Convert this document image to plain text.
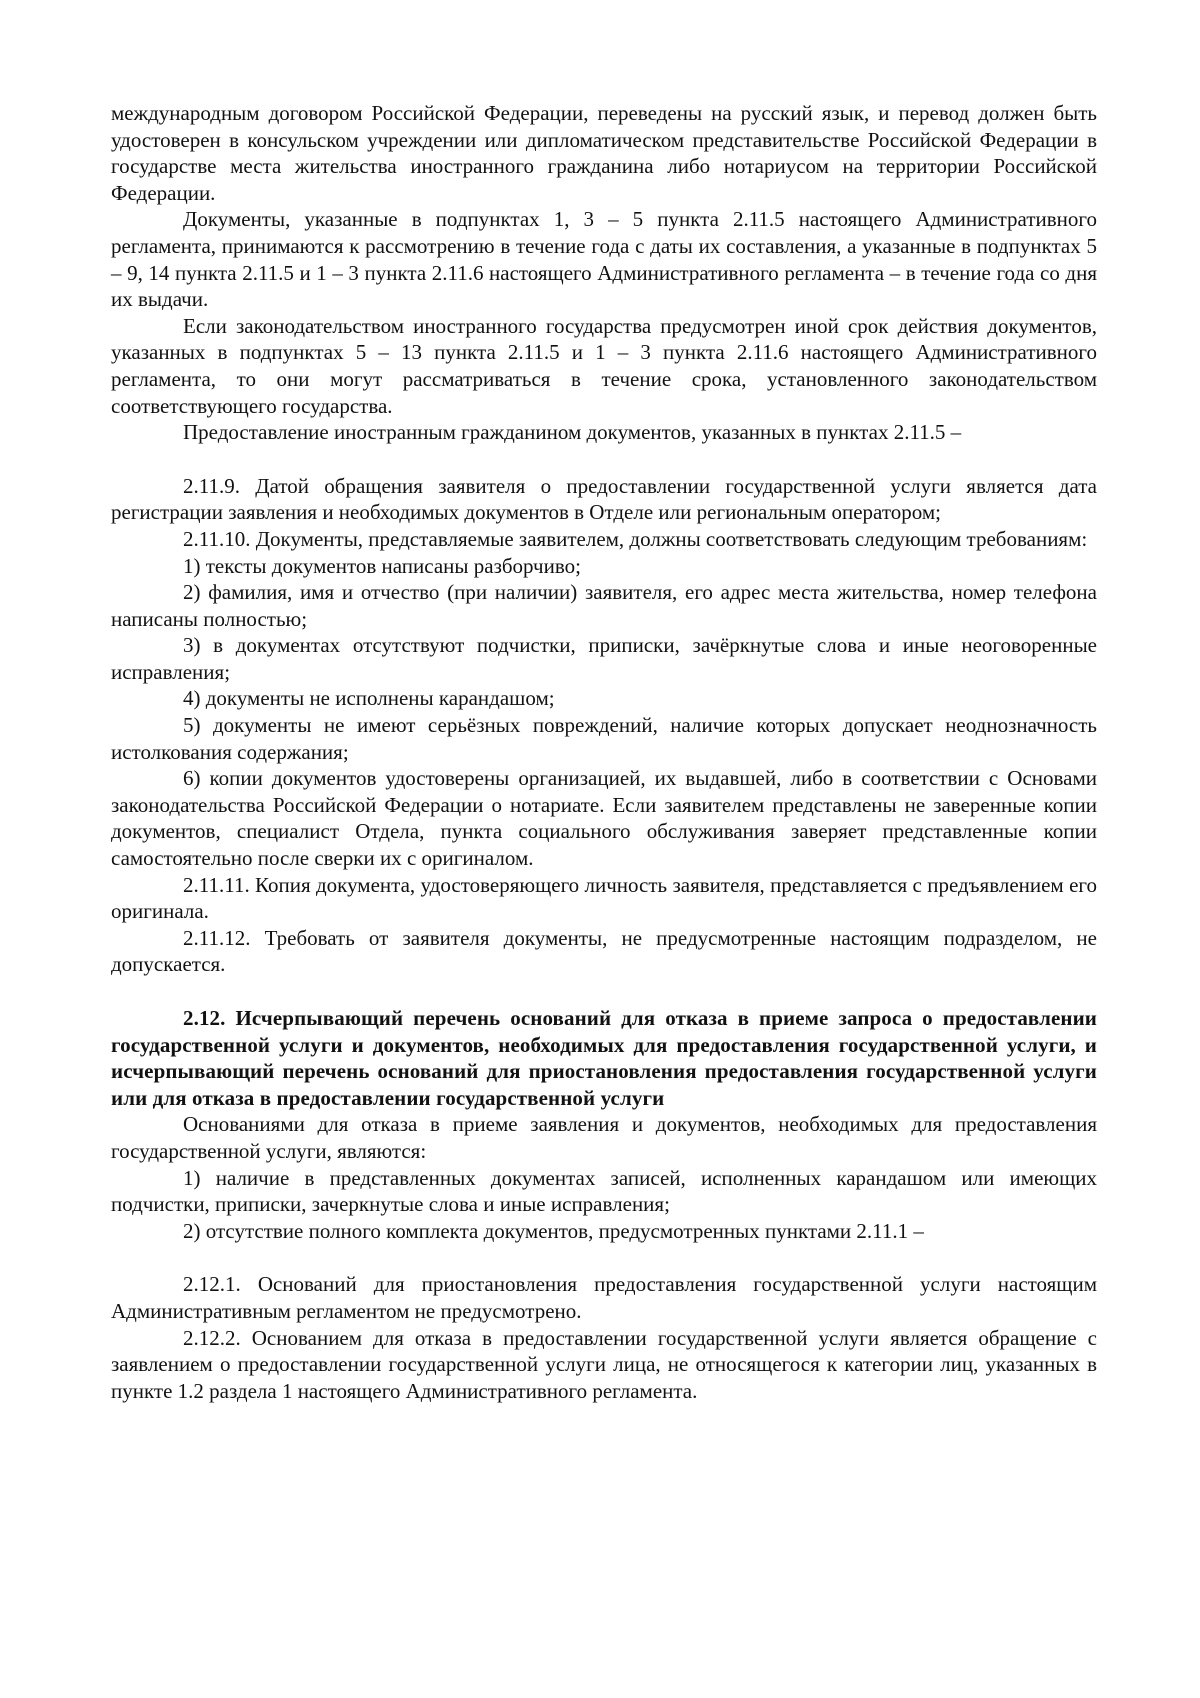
международным договором Российской Федерации, переведены на русский язык, и перевод должен быть удостоверен в консульском учреждении или дипломатическом представительстве Российской Федерации в государстве места жительства иностранного гражданина либо нотариусом на территории Российской Федерации.

Документы, указанные в подпунктах 1, 3 – 5 пункта 2.11.5 настоящего Административного регламента, принимаются к рассмотрению в течение года с даты их составления, а указанные в подпунктах 5 – 9, 14 пункта 2.11.5 и 1 – 3 пункта 2.11.6 настоящего Административного регламента – в течение года со дня их выдачи.

Если законодательством иностранного государства предусмотрен иной срок действия документов, указанных в подпунктах 5 – 13 пункта 2.11.5 и 1 – 3 пункта 2.11.6 настоящего Административного регламента, то они могут рассматриваться в течение срока, установленного законодательством соответствующего государства.

Предоставление иностранным гражданином документов, указанных в пунктах 2.11.5 –

2.11.9. Датой обращения заявителя о предоставлении государственной услуги является дата регистрации заявления и необходимых документов в Отделе или региональным оператором;

2.11.10. Документы, представляемые заявителем, должны соответствовать следующим требованиям:

1) тексты документов написаны разборчиво;

2) фамилия, имя и отчество (при наличии) заявителя, его адрес места жительства, номер телефона написаны полностью;

3) в документах отсутствуют подчистки, приписки, зачёркнутые слова и иные неоговоренные исправления;

4) документы не исполнены карандашом;

5) документы не имеют серьёзных повреждений, наличие которых допускает неоднозначность истолкования содержания;

6) копии документов удостоверены организацией, их выдавшей, либо в соответствии с Основами законодательства Российской Федерации о нотариате. Если заявителем представлены не заверенные копии документов, специалист Отдела, пункта социального обслуживания заверяет представленные копии самостоятельно после сверки их с оригиналом.

2.11.11. Копия документа, удостоверяющего личность заявителя, представляется с предъявлением его оригинала.

2.11.12. Требовать от заявителя документы, не предусмотренные настоящим подразделом, не допускается.

2.12. Исчерпывающий перечень оснований для отказа в приеме запроса о предоставлении государственной услуги и документов, необходимых для предоставления государственной услуги, и исчерпывающий перечень оснований для приостановления предоставления государственной услуги или для отказа в предоставлении государственной услуги

Основаниями для отказа в приеме заявления и документов, необходимых для предоставления государственной услуги, являются:

1) наличие в представленных документах записей, исполненных карандашом или имеющих подчистки, приписки, зачеркнутые слова и иные исправления;

2) отсутствие полного комплекта документов, предусмотренных пунктами 2.11.1 –

2.12.1. Оснований для приостановления предоставления государственной услуги настоящим Административным регламентом не предусмотрено.

2.12.2. Основанием для отказа в предоставлении государственной услуги является обращение с заявлением о предоставлении государственной услуги лица, не относящегося к категории лиц, указанных в пункте 1.2 раздела 1 настоящего Административного регламента.
